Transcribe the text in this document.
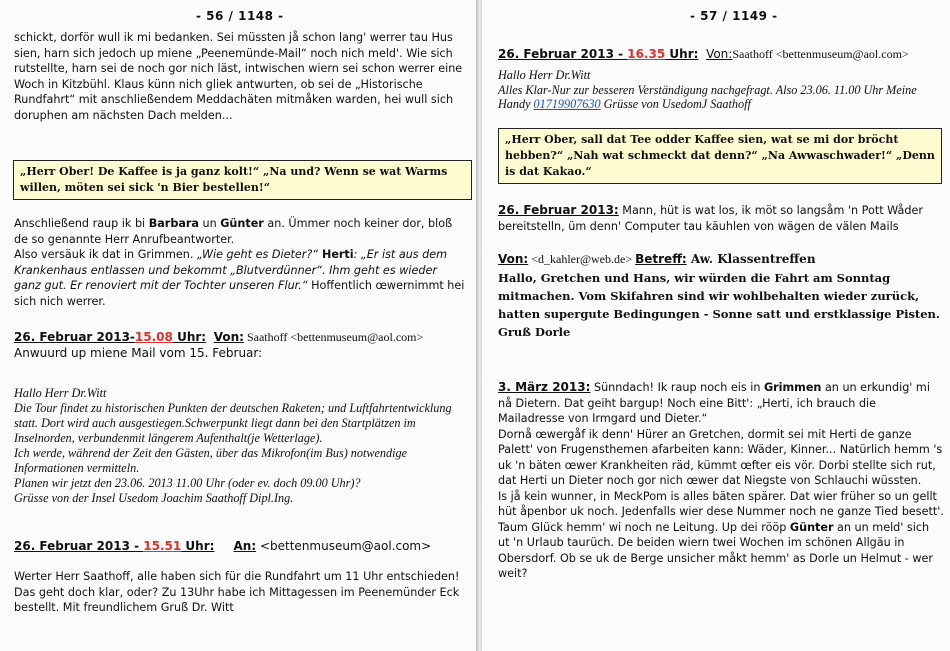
- 56 / 1148 -

schickt, dorför wull ik mi bedanken. Sei müssten jå schon lang' werrer tau Hus sien, harn sich jedoch up miene „Peenemünde-Mail“ noch nich meld'. Wie sich rutstellte, harn sei de noch gor nich läst, intwischen wiern sei schon werrer eine Woch in Kitzbühl. Klaus künn nich gliek antwurten, ob sei de „Historische Rundfahrt“ mit anschließendem Meddachäten mitmåken warden, hei wull sich doruphen am nächsten Dach melden...

„Herr Ober! De Kaffee is ja ganz kolt!“ „Na und? Wenn se wat Warms willen, möten sei sick 'n Bier bestellen!“

Anschließend raup ik bi Barbara un Günter an. Ümmer noch keiner dor, bloß de so genannte Herr Anrufbeantworter.
Also versäuk ik dat in Grimmen. „Wie geht es Dieter?“ Herti: „Er ist aus dem Krankenhaus entlassen und bekommt „Blutverdünner“. Ihm geht es wieder ganz gut. Er renoviert mit der Tochter unseren Flur.“ Hoffentlich œwernimmt hei sich nich werrer.

26. Februar 2013-15.08 Uhr: Von: Saathoff <bettenmuseum@aol.com>
Anwuurd up miene Mail vom 15. Februar:

Hallo Herr Dr.Witt

Die Tour findet zu historischen Punkten der deutschen Raketen; und Luftfahrtentwicklung statt. Dort wird auch ausgestiegen.Schwerpunkt liegt dann bei den Startplätzen im Inselnorden, verbundenmit längerem Aufenthalt(je Wetterlage).

Ich werde, während der Zeit den Gästen, über das Mikrofon(im Bus) notwendige Informationen vermitteln.

Planen wir jetzt den 23.06. 2013 11.00 Uhr (oder ev. doch 09.00 Uhr)?

Grüsse von der Insel Usedom Joachim Saathoff Dipl.Ing.

26. Februar 2013 - 15.51 Uhr: An: <bettenmuseum@aol.com>

Werter Herr Saathoff, alle haben sich für die Rundfahrt um 11 Uhr entschieden! Das geht doch klar, oder? Zu 13Uhr habe ich Mittagessen im Peenemünder Eck bestellt. Mit freundlichem Gruß Dr. Witt

- 57 / 1149 -
26. Februar 2013 - 16.35 Uhr: Von:Saathoff <bettenmuseum@aol.com>

Hallo Herr Dr.Witt

Alles Klar-Nur zur besseren Verständigung nachgefragt. Also 23.06. 11.00 Uhr Meine Handy 01719907630 Grüsse von UsedomJ Saathoff

„Herr Ober, sall dat Tee odder Kaffee sien, wat se mi dor bröcht hebben?“ „Nah wat schmeckt dat denn?“ „Na Awwaschwader!“ „Denn is dat Kakao.“
26. Februar 2013: Mann, hüt is wat los, ik möt so langsåm 'n Pott Wåder bereitstelln, üm denn' Computer tau käuhlen von wägen de välen Mails
Von: <d_kahler@web.de> Betreff: Aw. Klassentreffen

Hallo, Gretchen und Hans, wir würden die Fahrt am Sonntag mitmachen. Vom Skifahren sind wir wohlbehalten wieder zurück, hatten supergute Bedingungen - Sonne satt und erstklassige Pisten. Gruß Dorle

3. März 2013: Sünndach! Ik raup noch eis in Grimmen an un erkundig' mi nå Dietern. Dat geiht bargup! Noch eine Bitt': „Herti, ich brauch die Mailadresse von Irmgard und Dieter.“

Dornå œwergåf ik denn' Hürer an Gretchen, dormit sei mit Herti de ganze Palett' von Frugensthemen afarbeiten kann: Wäder, Kinner... Natürlich hemm 's uk 'n bäten œwer Krankheiten räd, kümmt œfter eis vör. Dorbi stellte sich rut, dat Herti un Dieter noch gor nich œwer dat Niegste von Schlauchi wüssten.

Is jå kein wunner, in MeckPom is alles bäten spärer. Dat wier früher so un gellt hüt åpenbor uk noch. Jedenfalls wier dese Nummer noch ne ganze Tied besett'.

Taum Glück hemm' wi noch ne Leitung. Up dei rööp Günter an un meld' sich ut 'n Urlaub taurüch. De beiden wiern twei Wochen im schönen Allgäu in Obersdorf. Ob se uk de Berge unsicher måkt hemm' as Dorle un Helmut - wer weit?
